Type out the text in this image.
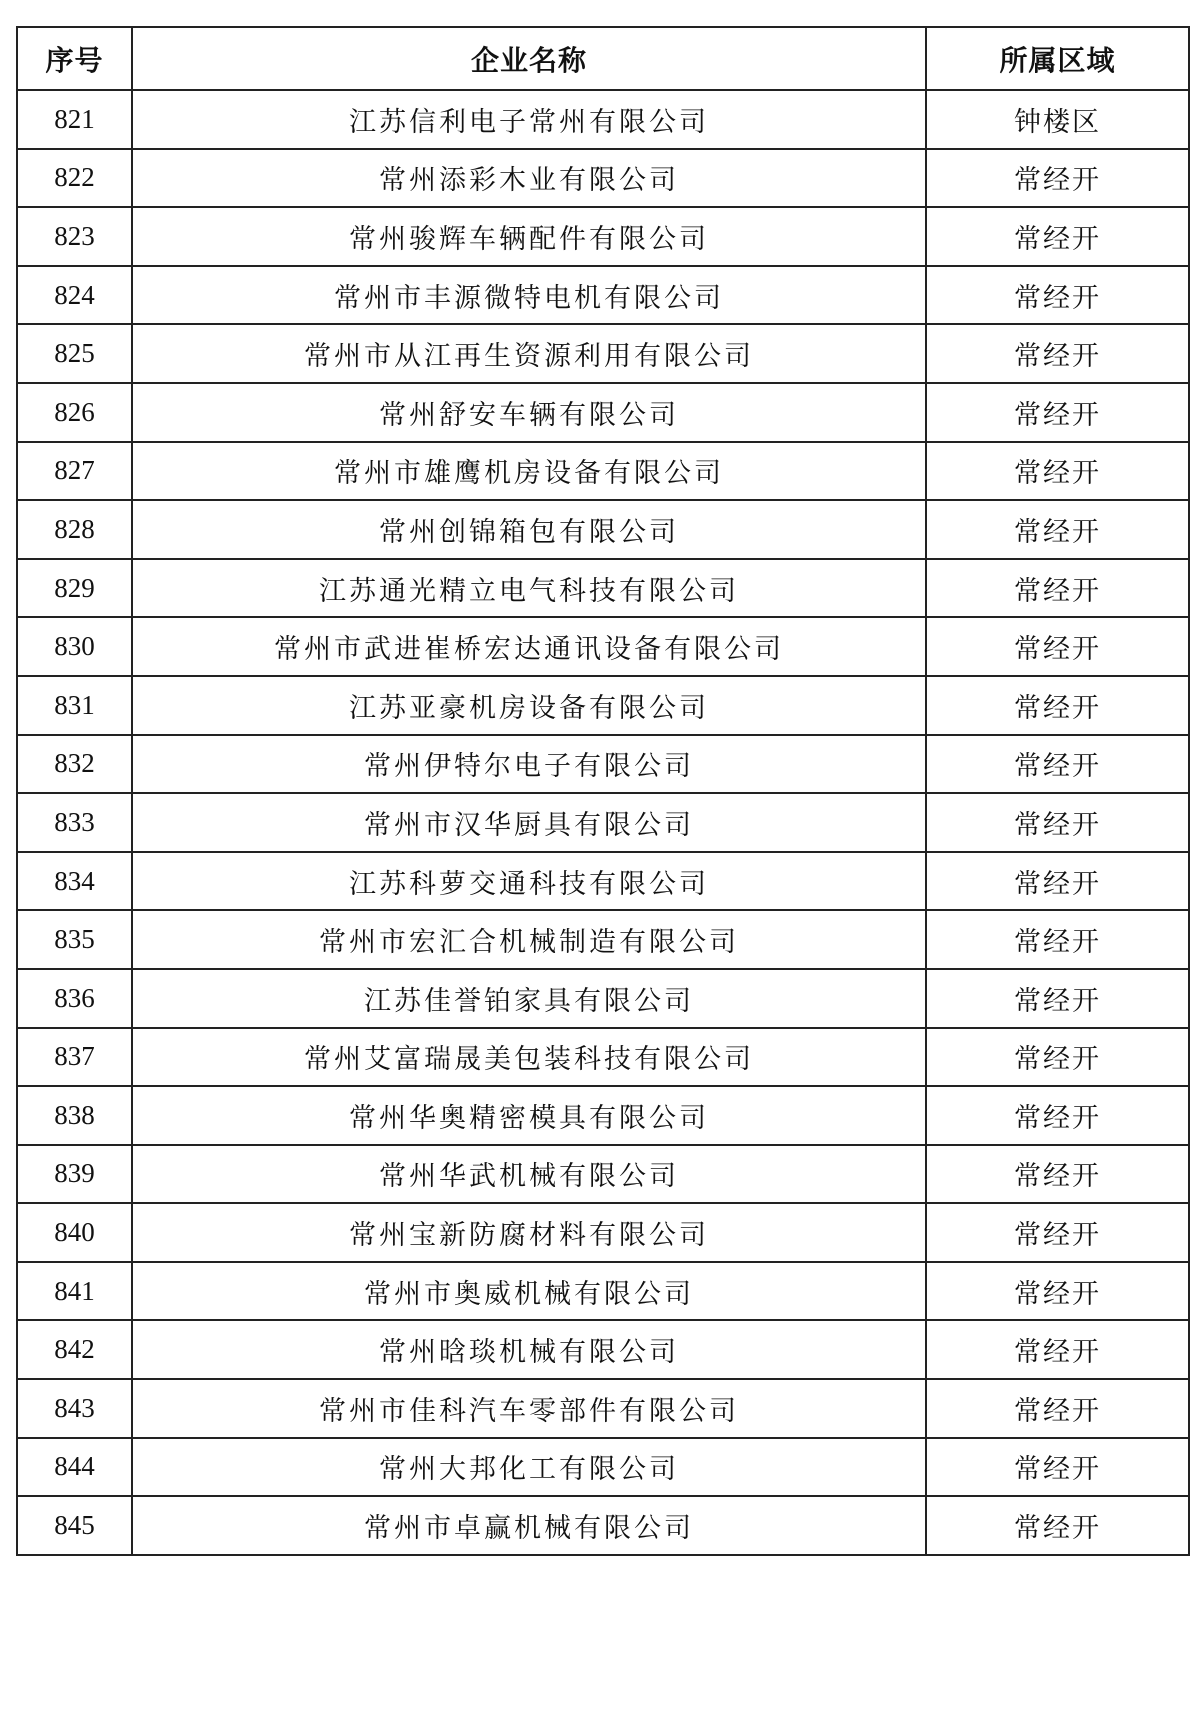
序号	企业名称	所属区域
821	江苏信利电子常州有限公司	钟楼区
822	常州添彩木业有限公司	常经开
823	常州骏辉车辆配件有限公司	常经开
824	常州市丰源微特电机有限公司	常经开
825	常州市从江再生资源利用有限公司	常经开
826	常州舒安车辆有限公司	常经开
827	常州市雄鹰机房设备有限公司	常经开
828	常州创锦箱包有限公司	常经开
829	江苏通光精立电气科技有限公司	常经开
830	常州市武进崔桥宏达通讯设备有限公司	常经开
831	江苏亚豪机房设备有限公司	常经开
832	常州伊特尔电子有限公司	常经开
833	常州市汉华厨具有限公司	常经开
834	江苏科萝交通科技有限公司	常经开
835	常州市宏汇合机械制造有限公司	常经开
836	江苏佳誉铂家具有限公司	常经开
837	常州艾富瑞晟美包装科技有限公司	常经开
838	常州华奥精密模具有限公司	常经开
839	常州华武机械有限公司	常经开
840	常州宝新防腐材料有限公司	常经开
841	常州市奥威机械有限公司	常经开
842	常州晗琰机械有限公司	常经开
843	常州市佳科汽车零部件有限公司	常经开
844	常州大邦化工有限公司	常经开
845	常州市卓赢机械有限公司	常经开
